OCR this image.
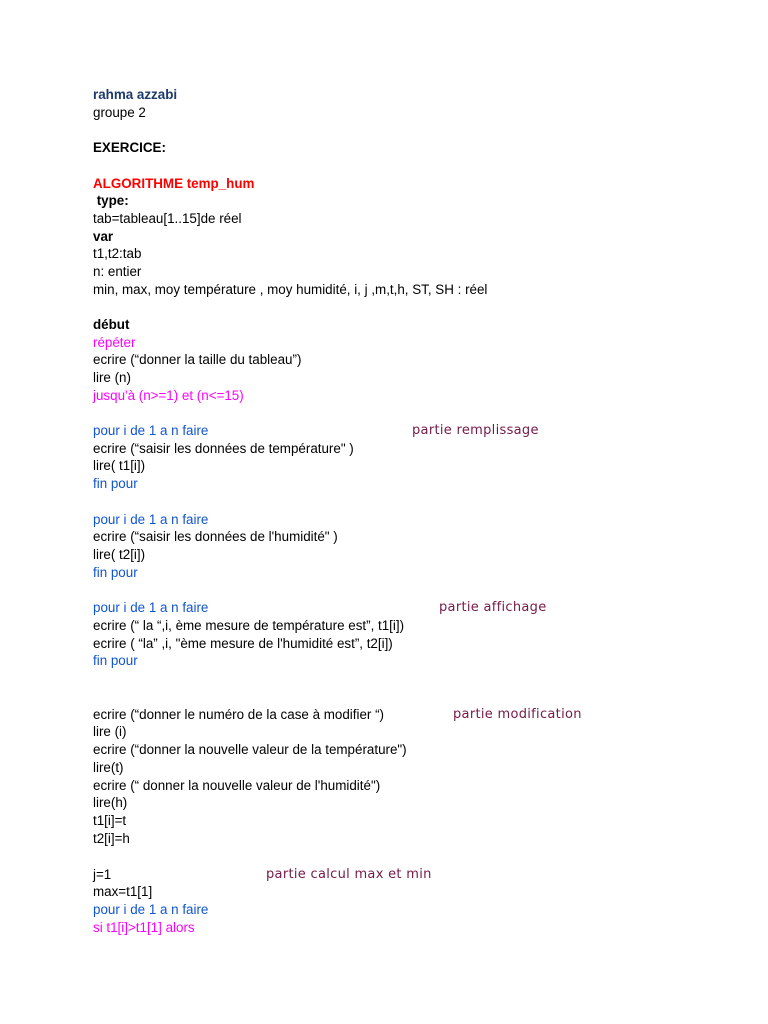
rahma azzabi
groupe 2
EXERCICE:
ALGORITHME temp_hum
type:
tab=tableau[1..15]de réel
var
t1,t2:tab
n: entier
min, max, moy température , moy humidité, i, j ,m,t,h, ST, SH : réel
début
répéter
ecrire (“donner la taille du tableau”)
lire (n)
jusqu'à (n>=1) et (n<=15)
pour i de 1 a n faire	partie remplissage
ecrire (“saisir les données de température" )
lire( t1[i])
fin pour
pour i de 1 a n faire
ecrire (“saisir les données de l'humidité" )
lire( t2[i])
fin pour
pour i de 1 a n faire	partie affichage
ecrire (“ la “,i, ème mesure de température est”, t1[i])
ecrire ( “la” ,i, "ème mesure de l'humidité est”, t2[i])
fin pour
ecrire (“donner le numéro de la case à modifier “)	partie modification
lire (i)
ecrire (“donner la nouvelle valeur de la température")
lire(t)
ecrire (“ donner la nouvelle valeur de l'humidité")
lire(h)
t1[i]=t
t2[i]=h
j=1	partie calcul max et min
max=t1[1]
pour i de 1 a n faire
si t1[i]>t1[1] alors
